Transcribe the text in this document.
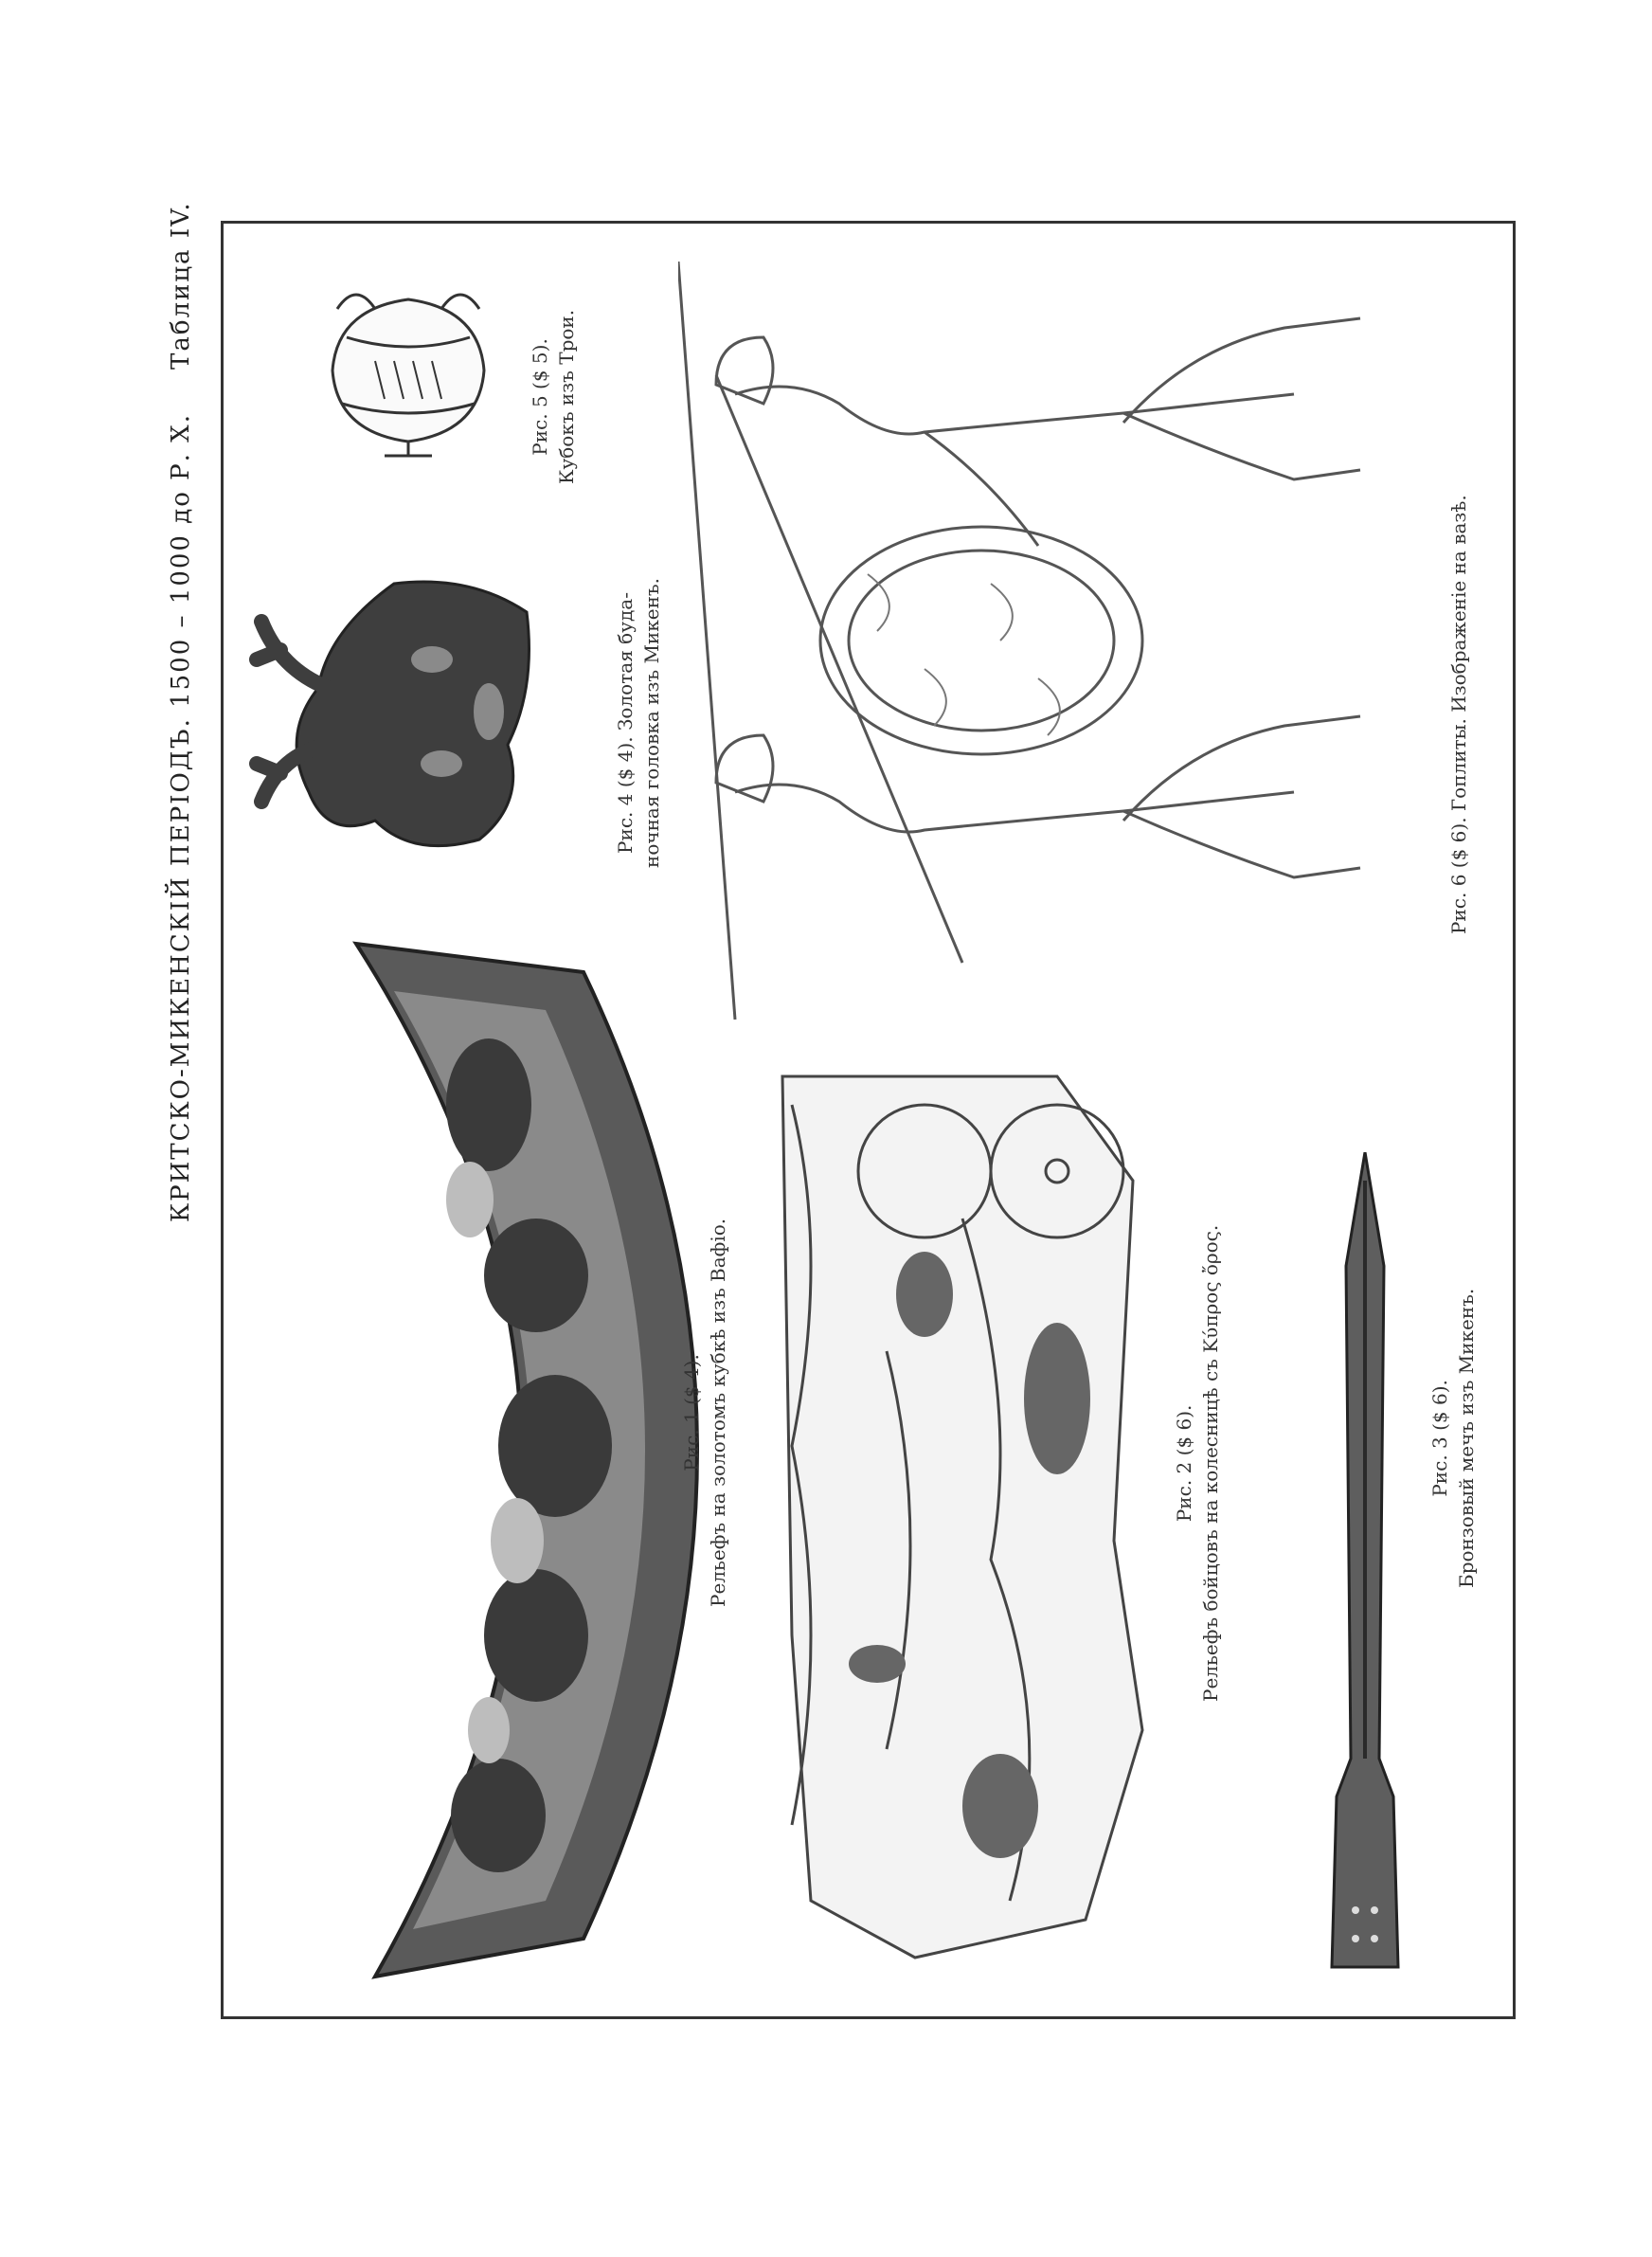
КРИТСКО-МИКЕНСКІЙ ПЕРІОДЪ. 1500 – 1000 до Р. X.
Таблица IV.
Рис. 1 ($ 4). Рельефъ на золотомъ кубкѣ изъ Вафіо.	Рис. 2 ($ 6). Рельефъ бойцовъ на колесницѣ съ Κύπρος ὄρος.	Рис. 3 ($ 6). Бронзовый мечъ изъ Микенъ.
Рис. 4 ($ 4). Золотая буда- ночная головка изъ Микенъ.
Рис. 5 ($ 5). Кубокъ изъ Трои.
Рис. 6 ($ 6). Гоплиты. Изображеніе на вазѣ.
